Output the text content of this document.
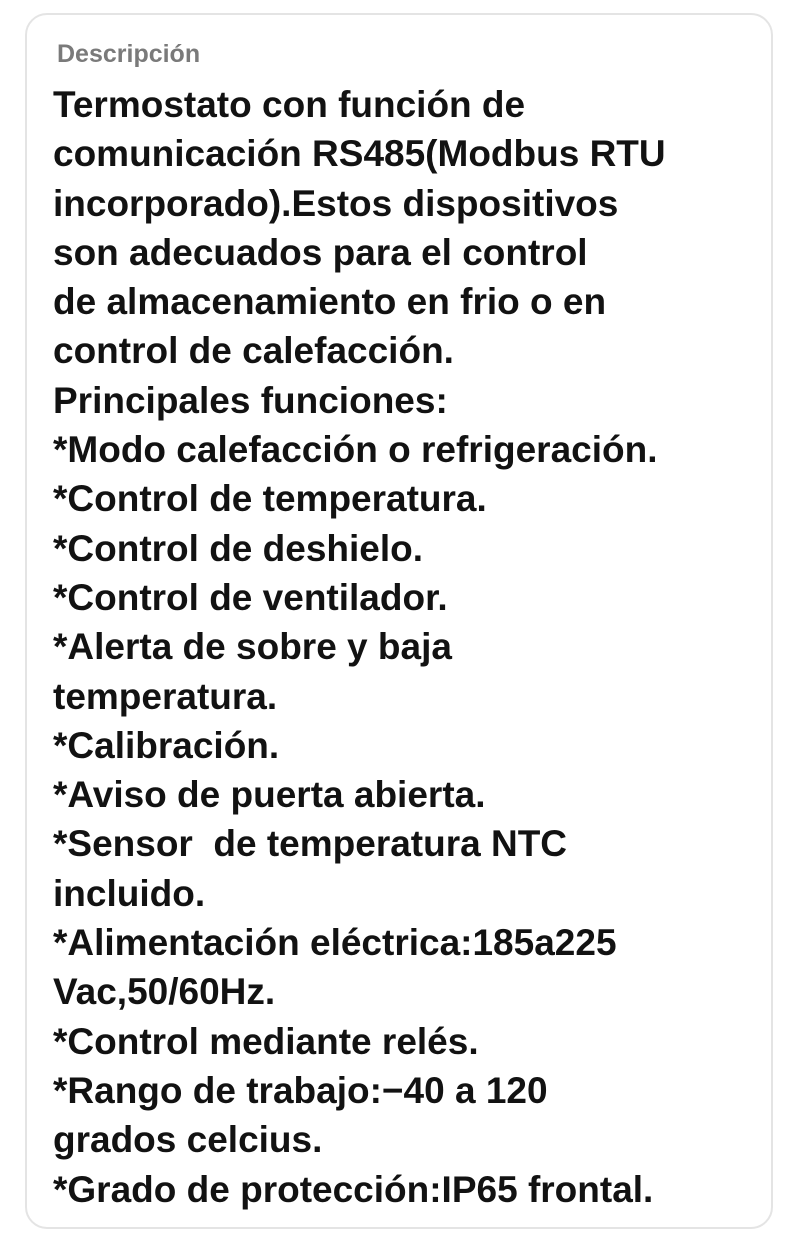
Descripción
Termostato con función de
comunicación RS485(Modbus RTU
incorporado).Estos dispositivos
son adecuados para el control
de almacenamiento en frio o en
control de calefacción.
Principales funciones:
*Modo calefacción o refrigeración.
*Control de temperatura.
*Control de deshielo.
*Control de ventilador.
*Alerta de sobre y baja
temperatura.
*Calibración.
*Aviso de puerta abierta.
*Sensor  de temperatura NTC
incluido.
*Alimentación eléctrica:185a225
Vac,50/60Hz.
*Control mediante relés.
*Rango de trabajo:−40 a 120
grados celcius.
*Grado de protección:IP65 frontal.
